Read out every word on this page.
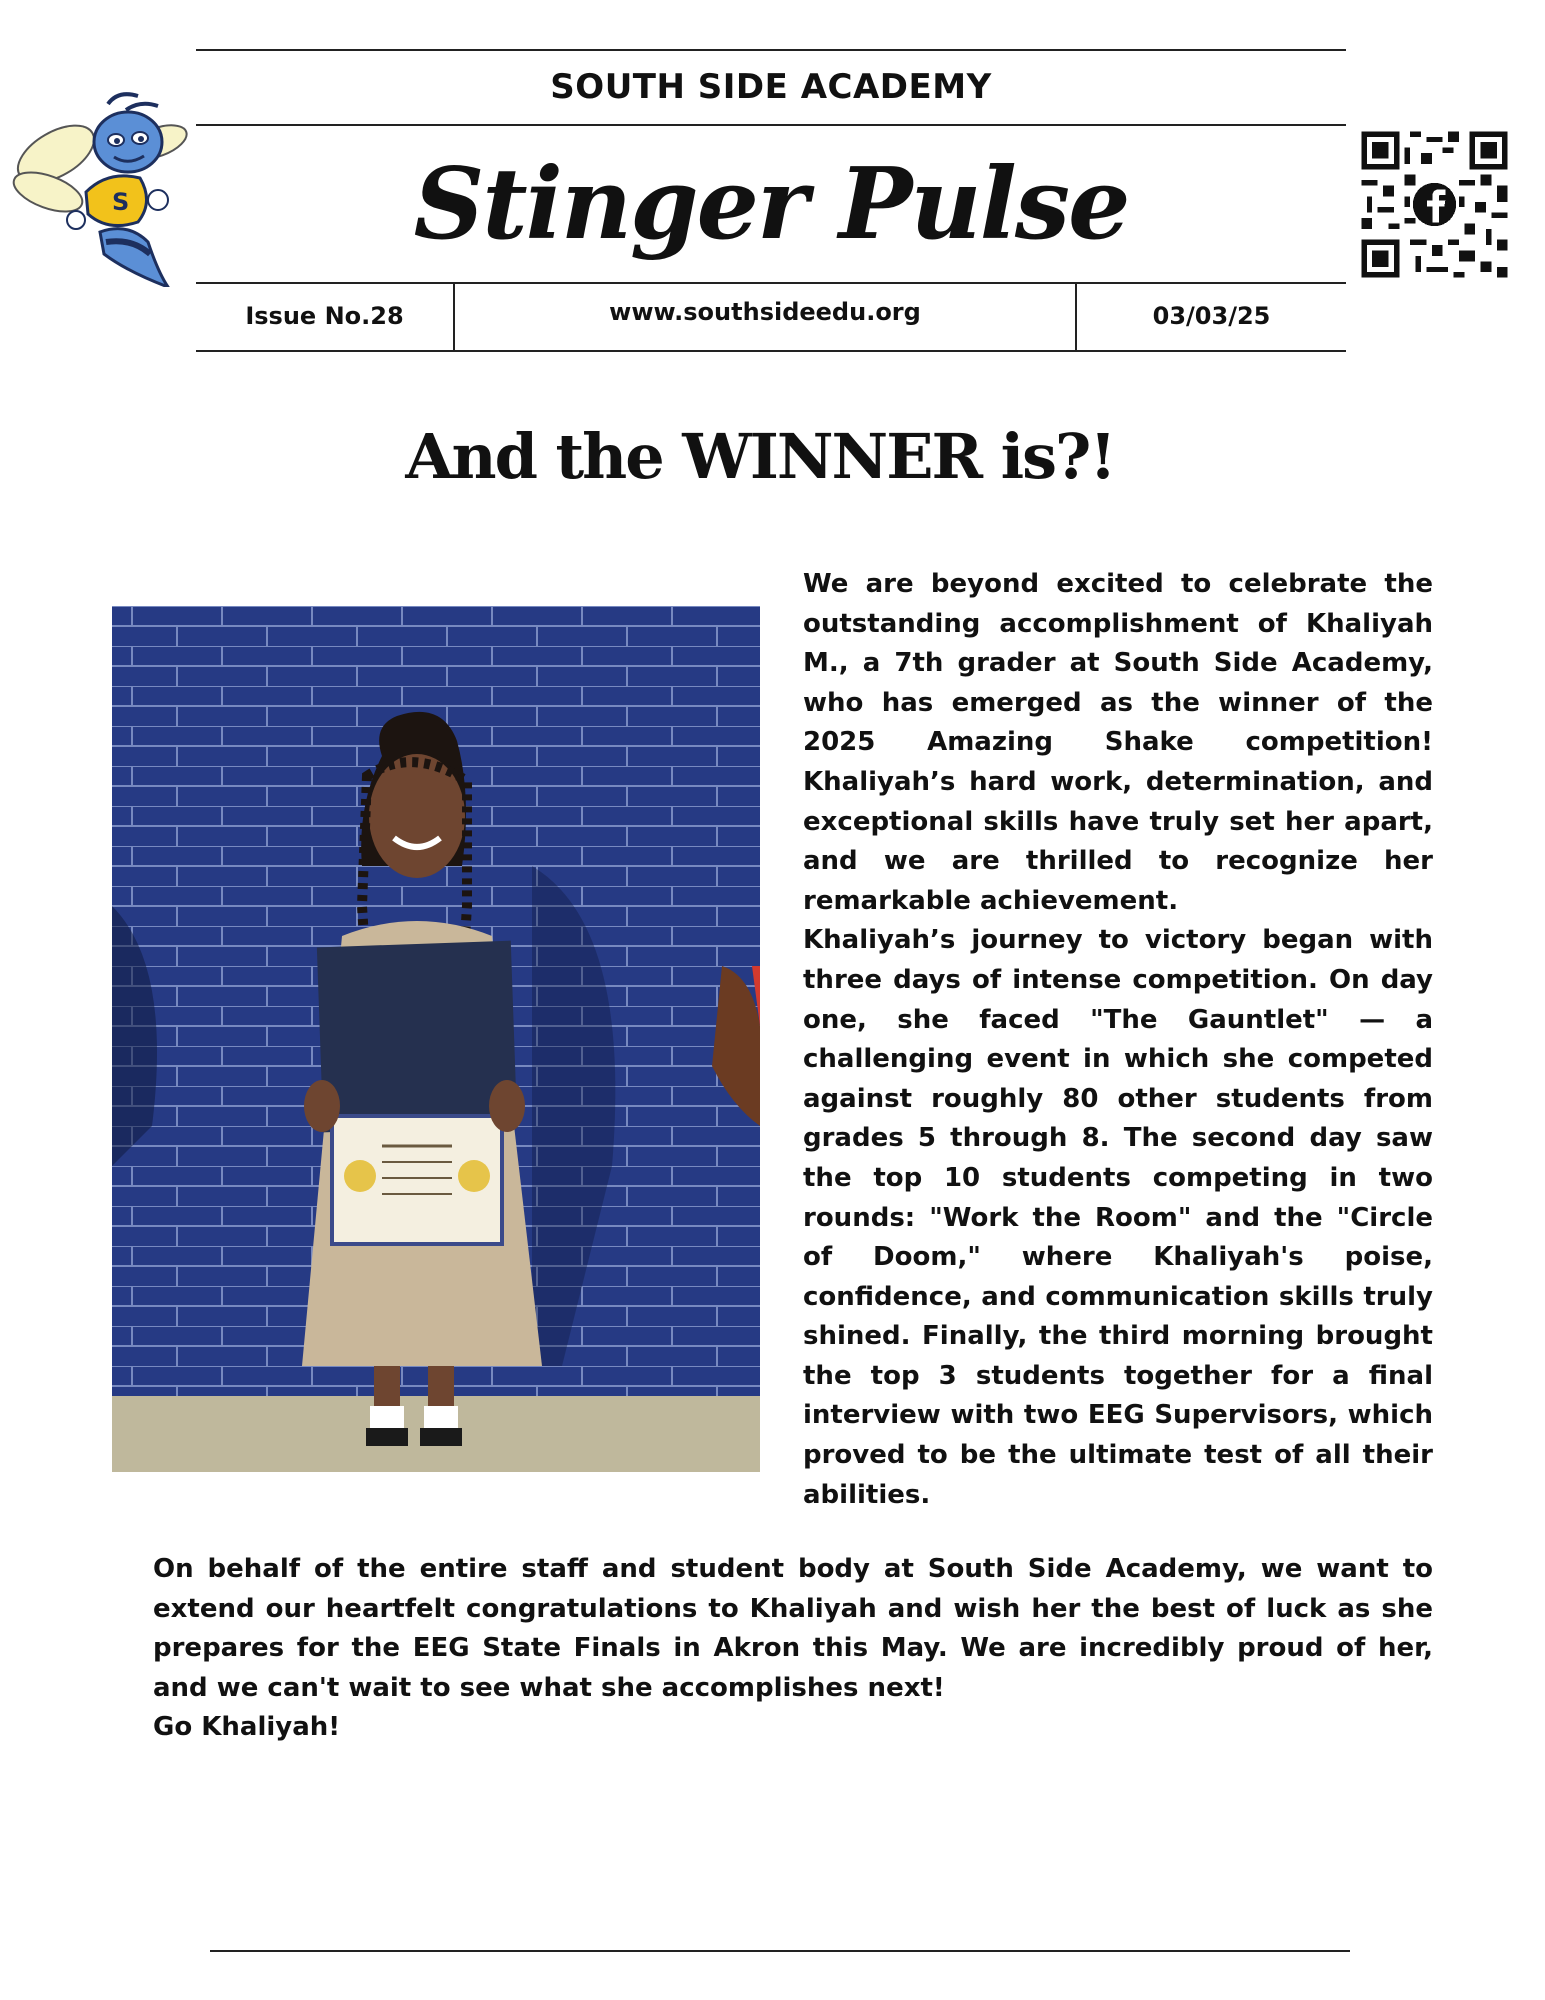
SOUTH SIDE ACADEMY
Stinger Pulse
Issue No.28	www.southsideedu.org	03/03/25
S
And the WINNER is?!

We are beyond excited to celebrate the outstanding accomplishment of Khaliyah M., a 7th grader at South Side Academy, who has emerged as the winner of the 2025 Amazing Shake competition! Khaliyah’s hard work, determination, and exceptional skills have truly set her apart, and we are thrilled to recognize her remarkable achievement.

Khaliyah’s journey to victory began with three days of intense competition. On day one, she faced "The Gauntlet" — a challenging event in which she competed against roughly 80 other students from grades 5 through 8. The second day saw the top 10 students competing in two rounds: "Work the Room" and the "Circle of Doom," where Khaliyah's poise, confidence, and communication skills truly shined. Finally, the third morning brought the top 3 students together for a final interview with two EEG Supervisors, which proved to be the ultimate test of all their abilities.

On behalf of the entire staff and student body at South Side Academy, we want to extend our heartfelt congratulations to Khaliyah and wish her the best of luck as she prepares for the EEG State Finals in Akron this May. We are incredibly proud of her, and we can't wait to see what she accomplishes next!

Go Khaliyah!
